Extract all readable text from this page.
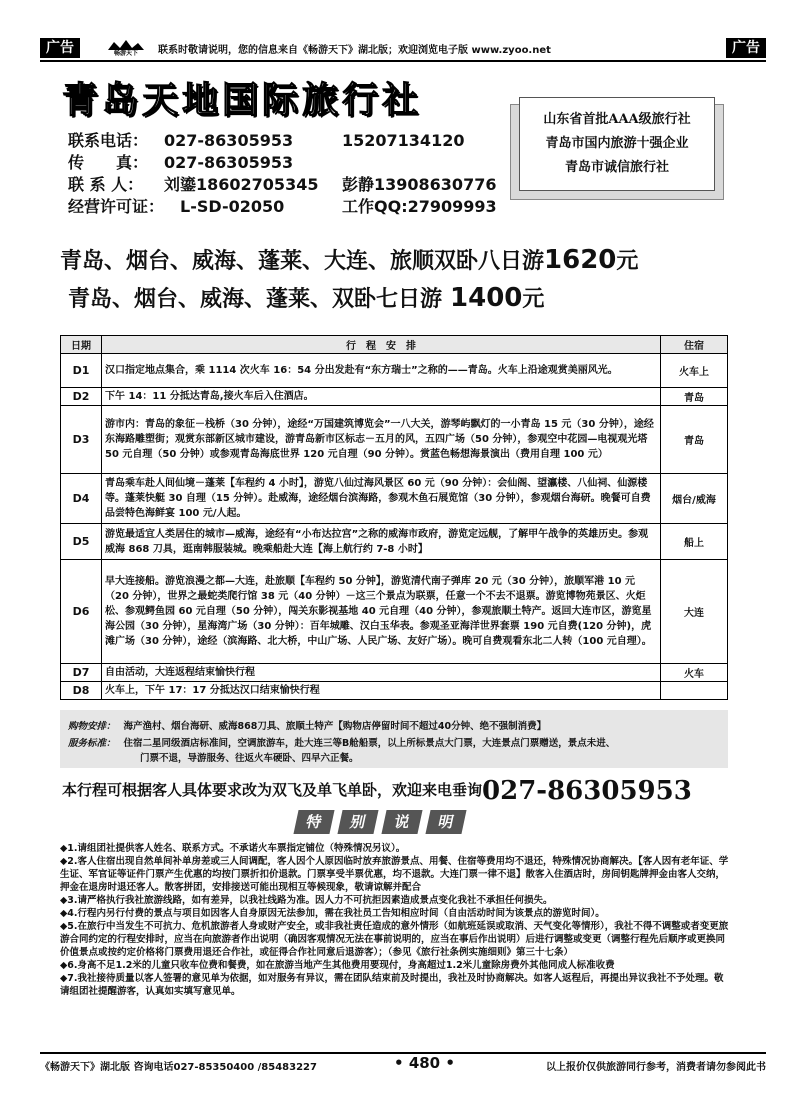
广告	畅游天下 联系时敬请说明，您的信息来自《畅游天下》湖北版；欢迎浏览电子版 www.zyoo.net	广告
青岛天地国际旅行社
联系电话： 027-86305953	15207134120
传　　真： 027-86305953
联 系 人： 刘鎏18602705345 彭静13908630776
经营许可证： L-SD-02050	工作QQ:27909993
山东省首批AAA级旅行社
青岛市国内旅游十强企业
青岛市诚信旅行社
青岛、烟台、威海、蓬莱、大连、旅顺双卧八日游1620元
青岛、烟台、威海、蓬莱、双卧七日游 1400元
日期	行　程　安　排	住宿
D1	汉口指定地点集合，乘 1114 次火车 16：54 分出发赴有“东方瑞士”之称的——青岛。火车上沿途观赏美丽风光。	火车上
D2	下午 14：11 分抵达青岛,接火车后入住酒店。	青岛
D3	游市内：青岛的象征－栈桥（30 分钟），途经“万国建筑博览会”一八大关，游琴屿飘灯的一小青岛 15 元（30 分钟），途经东海路雕塑街；观赏东部新区城市建设，游青岛新市区标志－五月的风，五四广场（50 分钟），参观空中花园—电视观光塔 50 元自理（50 分钟）或参观青岛海底世界 120 元自理（90 分钟）。赏蓝色畅想海景演出（费用自理 100 元）	青岛
D4	青岛乘车赴人间仙境－蓬莱【车程约 4 小时】，游览八仙过海风景区 60 元（90 分钟）：会仙阁、望瀛楼、八仙祠、仙源楼等。蓬莱快艇 30 自理（15 分钟）。赴威海，途经烟台滨海路，参观木鱼石展览馆（30 分钟），参观烟台海研。晚餐可自费品尝特色海鲜宴 100 元/人起。	烟台/威海
D5	游览最适宜人类居住的城市—威海，途经有“小布达拉宫”之称的威海市政府，游览定远舰，了解甲午战争的英雄历史。参观威海 868 刀具，逛南韩服装城。晚乘船赴大连【海上航行约 7-8 小时】	船上
D6	早大连接船。游览浪漫之都—大连，赴旅顺【车程约 50 分钟】，游览清代南子弹库 20 元（30 分钟），旅顺军港 10 元（20 分钟），世界之最蛇类爬行馆 38 元（40 分钟）－这三个景点为联票，任意一个不去不退票。游览博物苑景区、火炬松、参观鳄鱼园 60 元自理（50 分钟），闯关东影视基地 40 元自理（40 分钟），参观旅顺土特产。返回大连市区，游览星海公园（30 分钟），星海湾广场（30 分钟）：百年城雕、汉白玉华表。参观圣亚海洋世界套票 190 元自费(120 分钟)，虎滩广场（30 分钟），途经（滨海路、北大桥，中山广场、人民广场、友好广场）。晚可自费观看东北二人转（100 元自理）。	大连
D7	自由活动，大连返程结束愉快行程	火车
D8	火车上，下午 17：17 分抵达汉口结束愉快行程	
购物安排： 海产渔村、烟台海研、威海868刀具、旅顺土特产【购物店停留时间不超过40分钟、绝不强制消费】
服务标准： 住宿二星同级酒店标准间，空调旅游车，赴大连三等B舱船票，以上所标景点大门票，大连景点门票赠送，景点未进、
门票不退，导游服务、往返火车硬卧、四早六正餐。
本行程可根据客人具体要求改为双飞及单飞单卧，欢迎来电垂询027-86305953
特 别 说 明

◆1.请组团社提供客人姓名、联系方式。不承诺火车票指定铺位（特殊情况另议）。

◆2.客人住宿出现自然单间补单房差或三人间调配，客人因个人原因临时放弃旅游景点、用餐、住宿等费用均不退还，特殊情况协商解决。【客人因有老年证、学生证、军官证等证件门票产生优惠的均按门票折扣价退款。门票享受半票优惠，均不退款。大连门票一律不退】散客入住酒店时，房间钥匙牌押金由客人交纳，押金在退房时退还客人。散客拼团，安排接送可能出现相互等候现象，敬请谅解并配合

◆3.请严格执行我社旅游线路，如有差异，以我社线路为准。因人力不可抗拒因素造成景点变化我社不承担任何损失。

◆4.行程内另行付费的景点与项目如因客人自身原因无法参加，需在我社员工告知相应时间（自由活动时间为该景点的游览时间）。

◆5.在旅行中当发生不可抗力、危机旅游者人身或财产安全，或非我社责任造成的意外情形（如航班延误或取消、天气变化等情形），我社不得不调整或者变更旅游合同约定的行程安排时，应当在向旅游者作出说明（确因客观情况无法在事前说明的，应当在事后作出说明）后进行调整或变更（调整行程先后顺序或更换同价值景点或按约定价格将门票费用退还合作社，或征得合作社同意后退游客）；（参见《旅行社条例实施细则》第三十七条）

◆6.身高不足1.2米的儿童只收车位费和餐费，如在旅游当地产生其他费用要现付，身高超过1.2米儿童除房费外其他同成人标准收费

◆7.我社接待质量以客人签署的意见单为依据，如对服务有异议，需在团队结束前及时提出，我社及时协商解决。如客人返程后，再提出异议我社不予处理。敬请组团社提醒游客，认真如实填写意见单。

《畅游天下》湖北版 咨询电话027-85350400 /85483227	• 480 •	以上报价仅供旅游同行参考，消费者请勿参阅此书
